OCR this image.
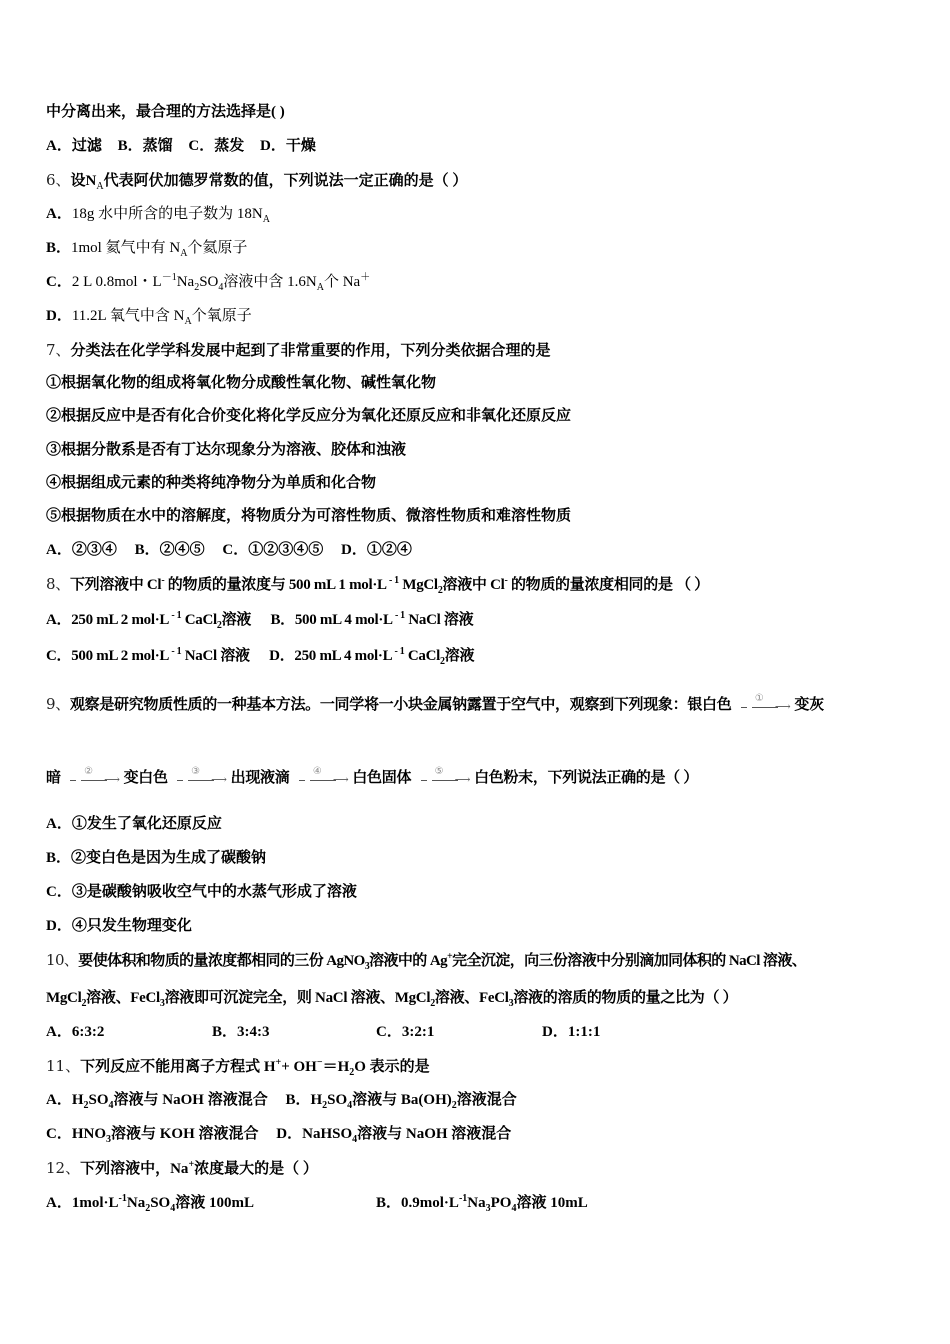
中分离出来，最合理的方法选择是( )
A．过滤 B．蒸馏 C．蒸发 D．干燥
6、设$N_A$代表阿伏加德罗常数的值，下列说法一定正确的是（ ）
A．18g 水中所含的电子数为 $18N_A$
B．1mol 氦气中有 $N_A$个氦原子
C．2 L 0.8mol・$L^{-1}Na_2SO_4$溶液中含 $1.6N_A$个 Na＋
D．11.2L 氧气中含 $N_A$个氧原子
7、分类法在化学学科发展中起到了非常重要的作用，下列分类依据合理的是
①根据氧化物的组成将氧化物分成酸性氧化物、碱性氧化物
②根据反应中是否有化合价变化将化学反应分为氧化还原反应和非氧化还原反应
③根据分散系是否有丁达尔现象分为溶液、胶体和浊液
④根据组成元素的种类将纯净物分为单质和化合物
⑤根据物质在水中的溶解度，将物质分为可溶性物质、微溶性物质和难溶性物质
A．②③④ B．②④⑤ C．①②③④⑤ D．①②④
8、下列溶液中 Cl- 的物质的量浓度与 500 mL 1 mol·L $^{- 1}$ MgCl$_2$溶液中 Cl- 的物质的量浓度相同的是 （ ）
A．250 mL 2 mol·L $^{- 1}$ CaCl$_2$溶液 B．500 mL 4 mol·L $^{- 1}$ NaCl 溶液
C．500 mL 2 mol·L $^{- 1}$ NaCl 溶液 D．250 mL 4 mol·L $^{- 1}$ CaCl$_2$溶液
9、观察是研究物质性质的一种基本方法。一同学将一小块金属钠露置于空气中，观察到下列现象：银白色 ①
⟶ 变灰
暗 ②
⟶ 变白色 ③
⟶ 出现液滴 ④
⟶ 白色固体 ⑤
⟶ 白色粉末，下列说法正确的是（ ）
A．①发生了氧化还原反应
B．②变白色是因为生成了碳酸钠
C．③是碳酸钠吸收空气中的水蒸气形成了溶液
D．④只发生物理变化
10、要使体积和物质的量浓度都相同的三份 AgNO$_3$溶液中的 Ag+完全沉淀，向三份溶液中分别滴加同体积的 NaCl 溶液、
MgCl$_2$溶液、FeCl$_3$溶液即可沉淀完全，则 NaCl 溶液、MgCl$_2$溶液、FeCl$_3$溶液的溶质的物质的量之比为（ ）
A．6:3:2	B．3:4:3	C．3:2:1	D．1:1:1
11、下列反应不能用离子方程式 $H^++ OH^-=H_2O$ 表示的是
A．$H_2SO_4$溶液与 NaOH 溶液混合 B．$H_2SO_4$溶液与 $Ba(OH)_2$溶液混合
C．$HNO_3$溶液与 KOH 溶液混合 D．NaHSO$_4$溶液与 NaOH 溶液混合
12、下列溶液中，Na+浓度最大的是（ ）
A．$1mol\cdot L^{-1}Na_2SO_4$溶液 100mL	B．$0.9mol\cdot L^{-1}Na_3PO_4$溶液 10mL
